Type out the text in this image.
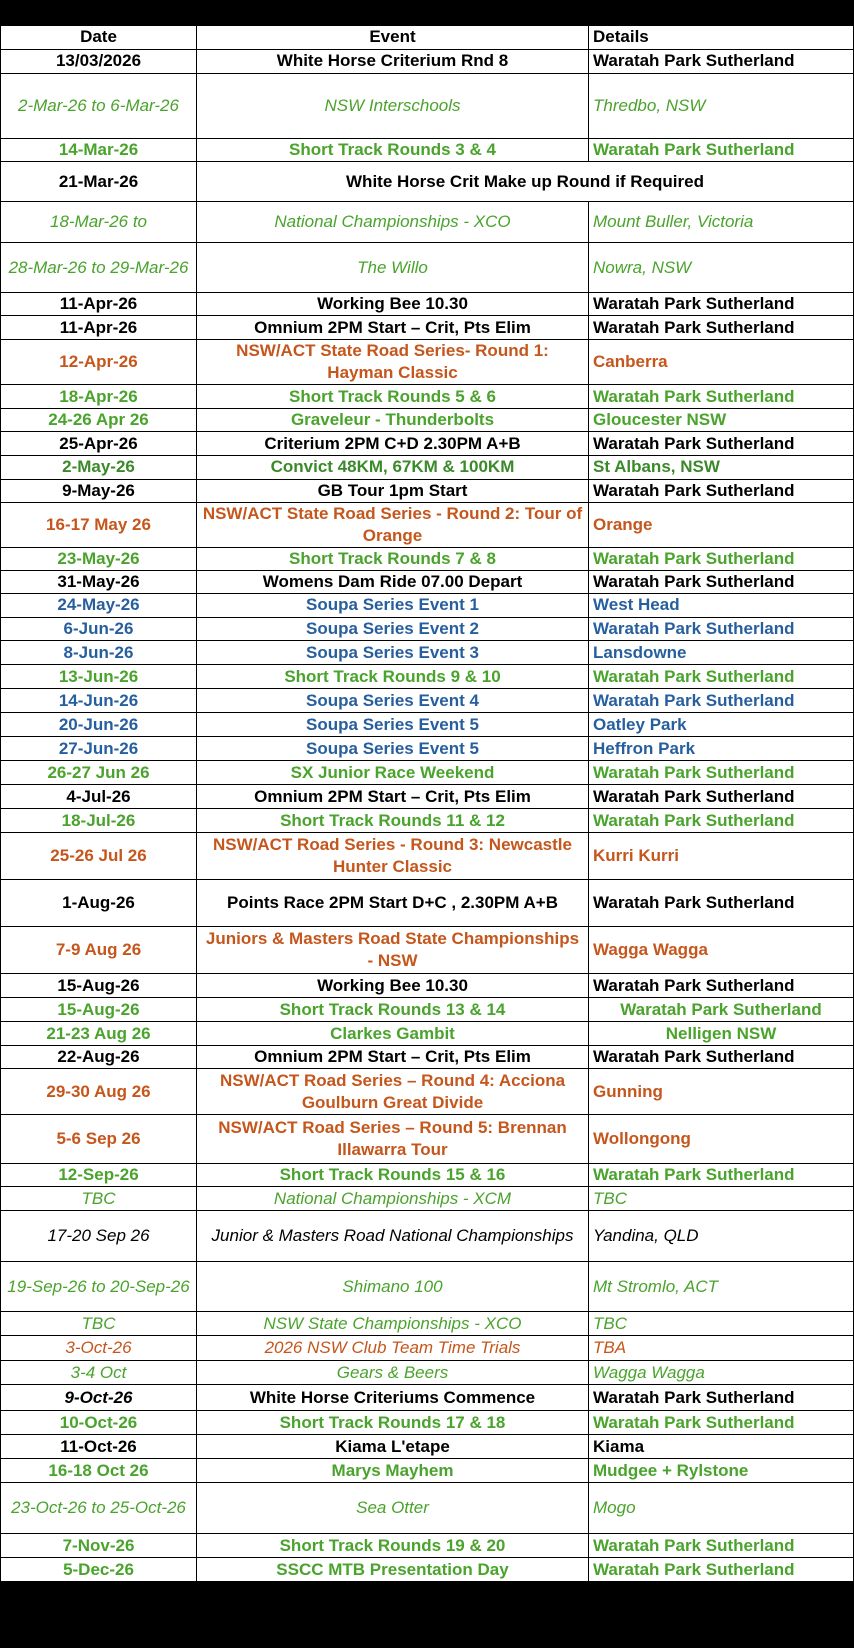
Date	Event	Details
13/03/2026	White Horse Criterium Rnd 8	Waratah Park Sutherland
2-Mar-26 to 6-Mar-26	NSW Interschools	Thredbo, NSW
14-Mar-26	Short Track Rounds 3 & 4	Waratah Park Sutherland
21-Mar-26	White Horse Crit Make up Round if Required	
18-Mar-26 to	National Championships - XCO	Mount Buller, Victoria
28-Mar-26 to 29-Mar-26	The Willo	Nowra, NSW
11-Apr-26	Working Bee 10.30	Waratah Park Sutherland
11-Apr-26	Omnium 2PM Start – Crit, Pts Elim	Waratah Park Sutherland
12-Apr-26	NSW/ACT State Road Series- Round 1: Hayman Classic	Canberra
18-Apr-26	Short Track Rounds 5 & 6	Waratah Park Sutherland
24-26 Apr 26	Graveleur - Thunderbolts	Gloucester NSW
25-Apr-26	Criterium 2PM C+D 2.30PM A+B	Waratah Park Sutherland
2-May-26	Convict 48KM, 67KM & 100KM	St Albans, NSW
9-May-26	GB Tour 1pm Start	Waratah Park Sutherland
16-17 May 26	NSW/ACT State Road Series - Round 2: Tour of Orange	Orange
23-May-26	Short Track Rounds 7 & 8	Waratah Park Sutherland
31-May-26	Womens Dam Ride 07.00 Depart	Waratah Park Sutherland
24-May-26	Soupa Series Event 1	West Head
6-Jun-26	Soupa Series Event 2	Waratah Park Sutherland
8-Jun-26	Soupa Series Event 3	Lansdowne
13-Jun-26	Short Track Rounds 9 & 10	Waratah Park Sutherland
14-Jun-26	Soupa Series Event 4	Waratah Park Sutherland
20-Jun-26	Soupa Series Event 5	Oatley Park
27-Jun-26	Soupa Series Event 5	Heffron Park
26-27 Jun 26	SX Junior Race Weekend	Waratah Park Sutherland
4-Jul-26	Omnium 2PM Start – Crit, Pts Elim	Waratah Park Sutherland
18-Jul-26	Short Track Rounds 11 & 12	Waratah Park Sutherland
25-26 Jul 26	NSW/ACT Road Series - Round 3: Newcastle Hunter Classic	Kurri Kurri
1-Aug-26	Points Race 2PM Start D+C , 2.30PM A+B	Waratah Park Sutherland
7-9 Aug 26	Juniors & Masters Road State Championships - NSW	Wagga Wagga
15-Aug-26	Working Bee 10.30	Waratah Park Sutherland
15-Aug-26	Short Track Rounds 13 & 14	Waratah Park Sutherland
21-23 Aug 26	Clarkes Gambit	Nelligen NSW
22-Aug-26	Omnium 2PM Start – Crit, Pts Elim	Waratah Park Sutherland
29-30 Aug 26	NSW/ACT Road Series – Round 4: Acciona Goulburn Great Divide	Gunning
5-6 Sep 26	NSW/ACT Road Series – Round 5: Brennan Illawarra Tour	Wollongong
12-Sep-26	Short Track Rounds 15 & 16	Waratah Park Sutherland
TBC	National Championships - XCM	TBC
17-20 Sep 26	Junior & Masters Road National Championships	Yandina, QLD
19-Sep-26 to 20-Sep-26	Shimano 100	Mt Stromlo, ACT
TBC	NSW State Championships - XCO	TBC
3-Oct-26	2026 NSW Club Team Time Trials	TBA
3-4 Oct	Gears & Beers	Wagga Wagga
9-Oct-26	White Horse Criteriums Commence	Waratah Park Sutherland
10-Oct-26	Short Track Rounds 17 & 18	Waratah Park Sutherland
11-Oct-26	Kiama L'etape	Kiama
16-18 Oct 26	Marys Mayhem	Mudgee + Rylstone
23-Oct-26 to 25-Oct-26	Sea Otter	Mogo
7-Nov-26	Short Track Rounds 19 & 20	Waratah Park Sutherland
5-Dec-26	SSCC MTB Presentation Day	Waratah Park Sutherland
